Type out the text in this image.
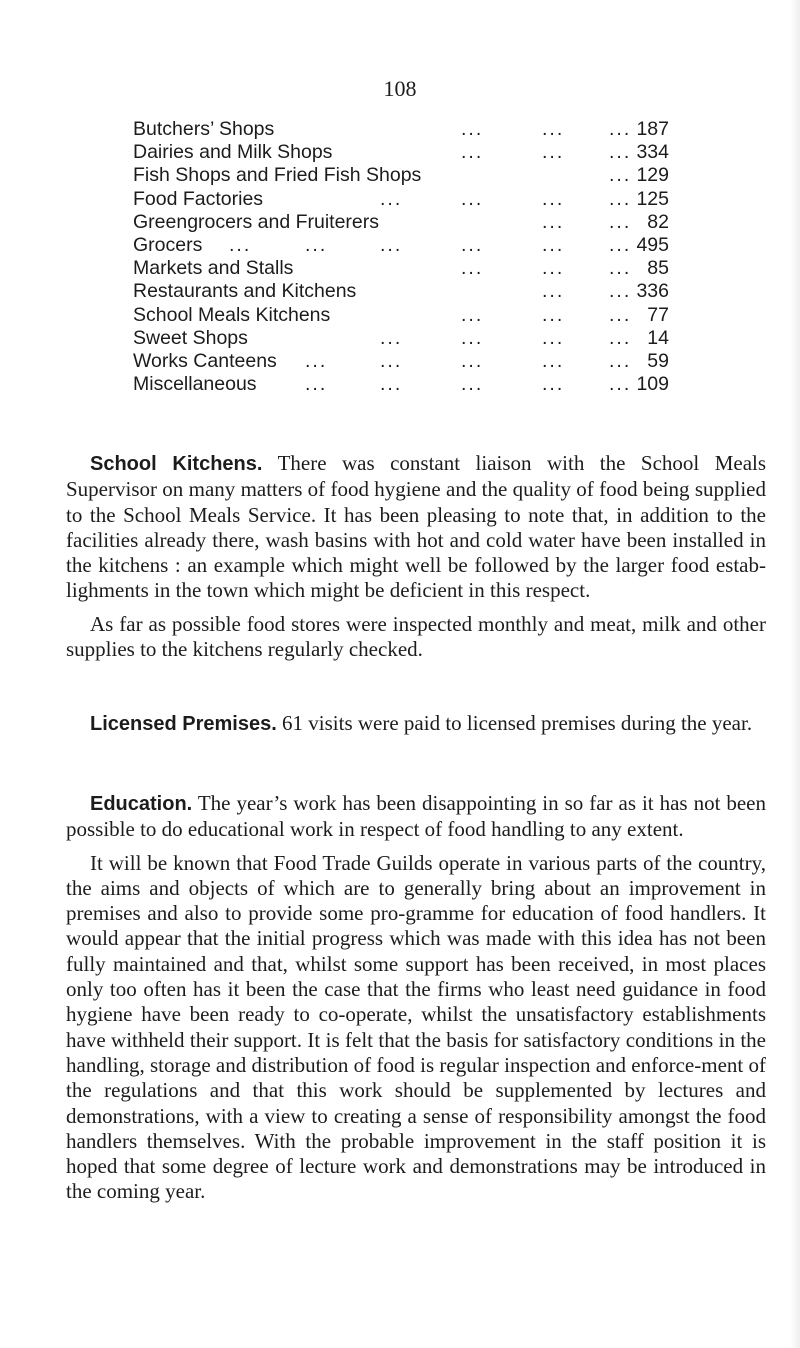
108
Butchers’ Shops	...	... ... 187
Dairies and Milk Shops	...	... ... 334
Fish Shops and Fried Fish Shops	... 129
Food Factories	...	...	... ... 125
Greengrocers and Fruiterers	... ... 82
Grocers ...	...	...	...	... ... 495
Markets and Stalls	...	... ... 85
Restaurants and Kitchens	... ... 336
School Meals Kitchens	...	... ... 77
Sweet Shops	...	...	... ... 14
Works Canteens ...	...	...	... ... 59
Miscellaneous ...	...	...	... ... 109

School Kitchens. There was constant liaison with the School Meals Supervisor on many matters of food hygiene and the quality of food being supplied to the School Meals Service. It has been pleasing to note that, in addition to the facilities already there, wash basins with hot and cold water have been installed in the kitchens : an example which might well be followed by the larger food estab-lighments in the town which might be deficient in this respect.

As far as possible food stores were inspected monthly and meat, milk and other supplies to the kitchens regularly checked.

Licensed Premises. 61 visits were paid to licensed premises during the year.

Education. The year’s work has been disappointing in so far as it has not been possible to do educational work in respect of food handling to any extent.

It will be known that Food Trade Guilds operate in various parts of the country, the aims and objects of which are to generally bring about an improvement in premises and also to provide some pro-gramme for education of food handlers. It would appear that the initial progress which was made with this idea has not been fully maintained and that, whilst some support has been received, in most places only too often has it been the case that the firms who least need guidance in food hygiene have been ready to co-operate, whilst the unsatisfactory establishments have withheld their support. It is felt that the basis for satisfactory conditions in the handling, storage and distribution of food is regular inspection and enforce-ment of the regulations and that this work should be supplemented by lectures and demonstrations, with a view to creating a sense of responsibility amongst the food handlers themselves. With the probable improvement in the staff position it is hoped that some degree of lecture work and demonstrations may be introduced in the coming year.
